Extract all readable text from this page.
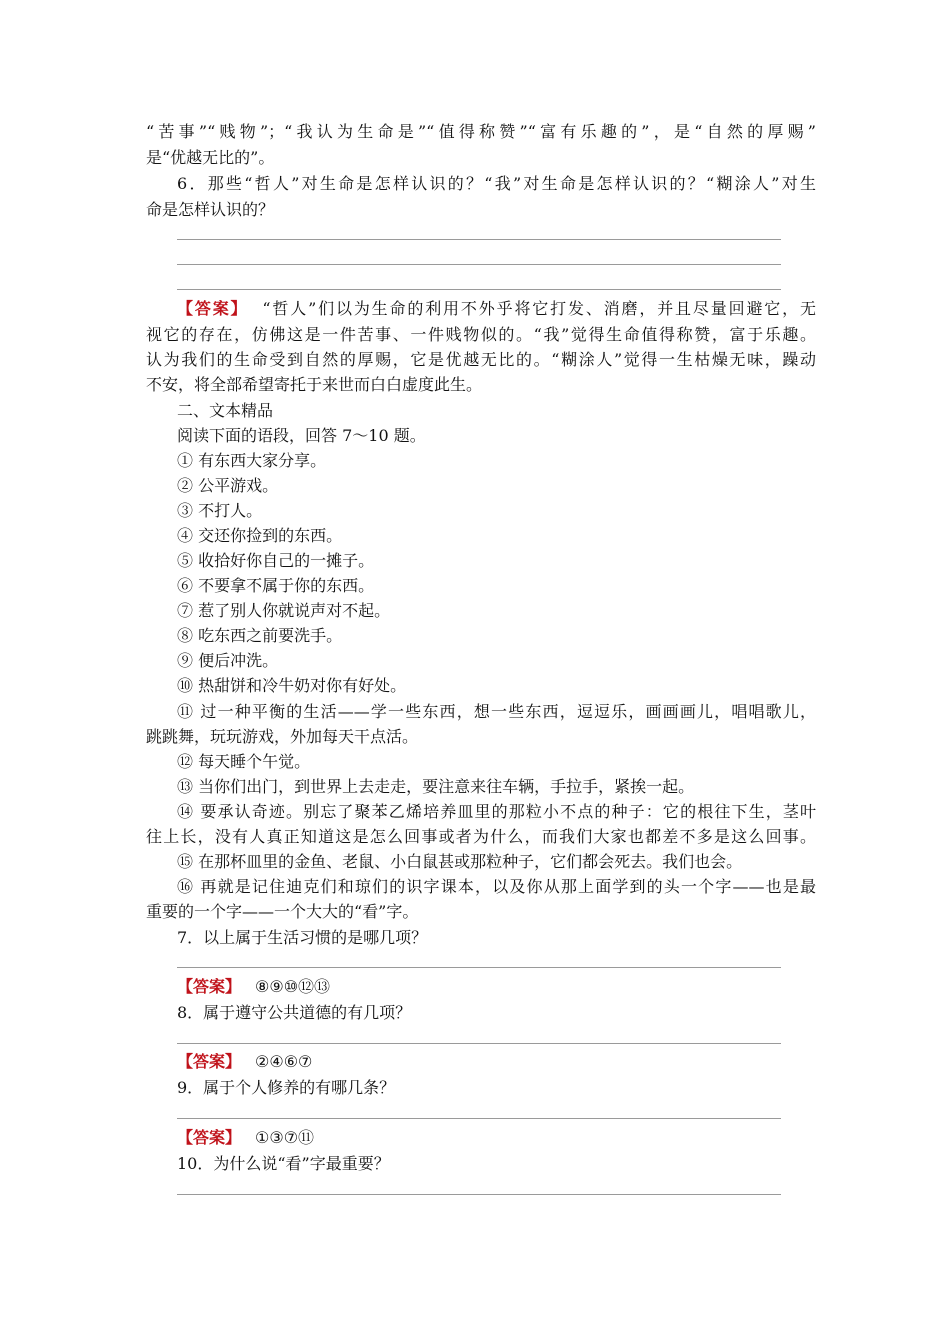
“苦事”“贱物”；“我认为生命是”“值得称赞”“富有乐趣的”，是“自然的厚赐”
是“优越无比的”。
6．那些“哲人”对生命是怎样认识的？“我”对生命是怎样认识的？“糊涂人”对生
命是怎样认识的？
【答案】 “哲人”们以为生命的利用不外乎将它打发、消磨，并且尽量回避它，无
视它的存在，仿佛这是一件苦事、一件贱物似的。“我”觉得生命值得称赞，富于乐趣。
认为我们的生命受到自然的厚赐，它是优越无比的。“糊涂人”觉得一生枯燥无味，躁动
不安，将全部希望寄托于来世而白白虚度此生。
二、文本精品
阅读下面的语段，回答 7～10 题。
① 有东西大家分享。
② 公平游戏。
③ 不打人。
④ 交还你捡到的东西。
⑤ 收拾好你自己的一摊子。
⑥ 不要拿不属于你的东西。
⑦ 惹了别人你就说声对不起。
⑧ 吃东西之前要洗手。
⑨ 便后冲洗。
⑩ 热甜饼和冷牛奶对你有好处。
⑪ 过一种平衡的生活——学一些东西，想一些东西，逗逗乐，画画画儿，唱唱歌儿，
跳跳舞，玩玩游戏，外加每天干点活。
⑫ 每天睡个午觉。
⑬ 当你们出门，到世界上去走走，要注意来往车辆，手拉手，紧挨一起。
⑭ 要承认奇迹。别忘了聚苯乙烯培养皿里的那粒小不点的种子：它的根往下生，茎叶
往上长，没有人真正知道这是怎么回事或者为什么，而我们大家也都差不多是这么回事。
⑮ 在那杯皿里的金鱼、老鼠、小白鼠甚或那粒种子，它们都会死去。我们也会。
⑯ 再就是记住迪克们和琼们的识字课本，以及你从那上面学到的头一个字——也是最
重要的一个字——一个大大的“看”字。
7．以上属于生活习惯的是哪几项？
【答案】 ⑧⑨⑩⑫⑬
8．属于遵守公共道德的有几项？
【答案】 ②④⑥⑦
9．属于个人修养的有哪几条？
【答案】 ①③⑦⑪
10．为什么说“看”字最重要？
